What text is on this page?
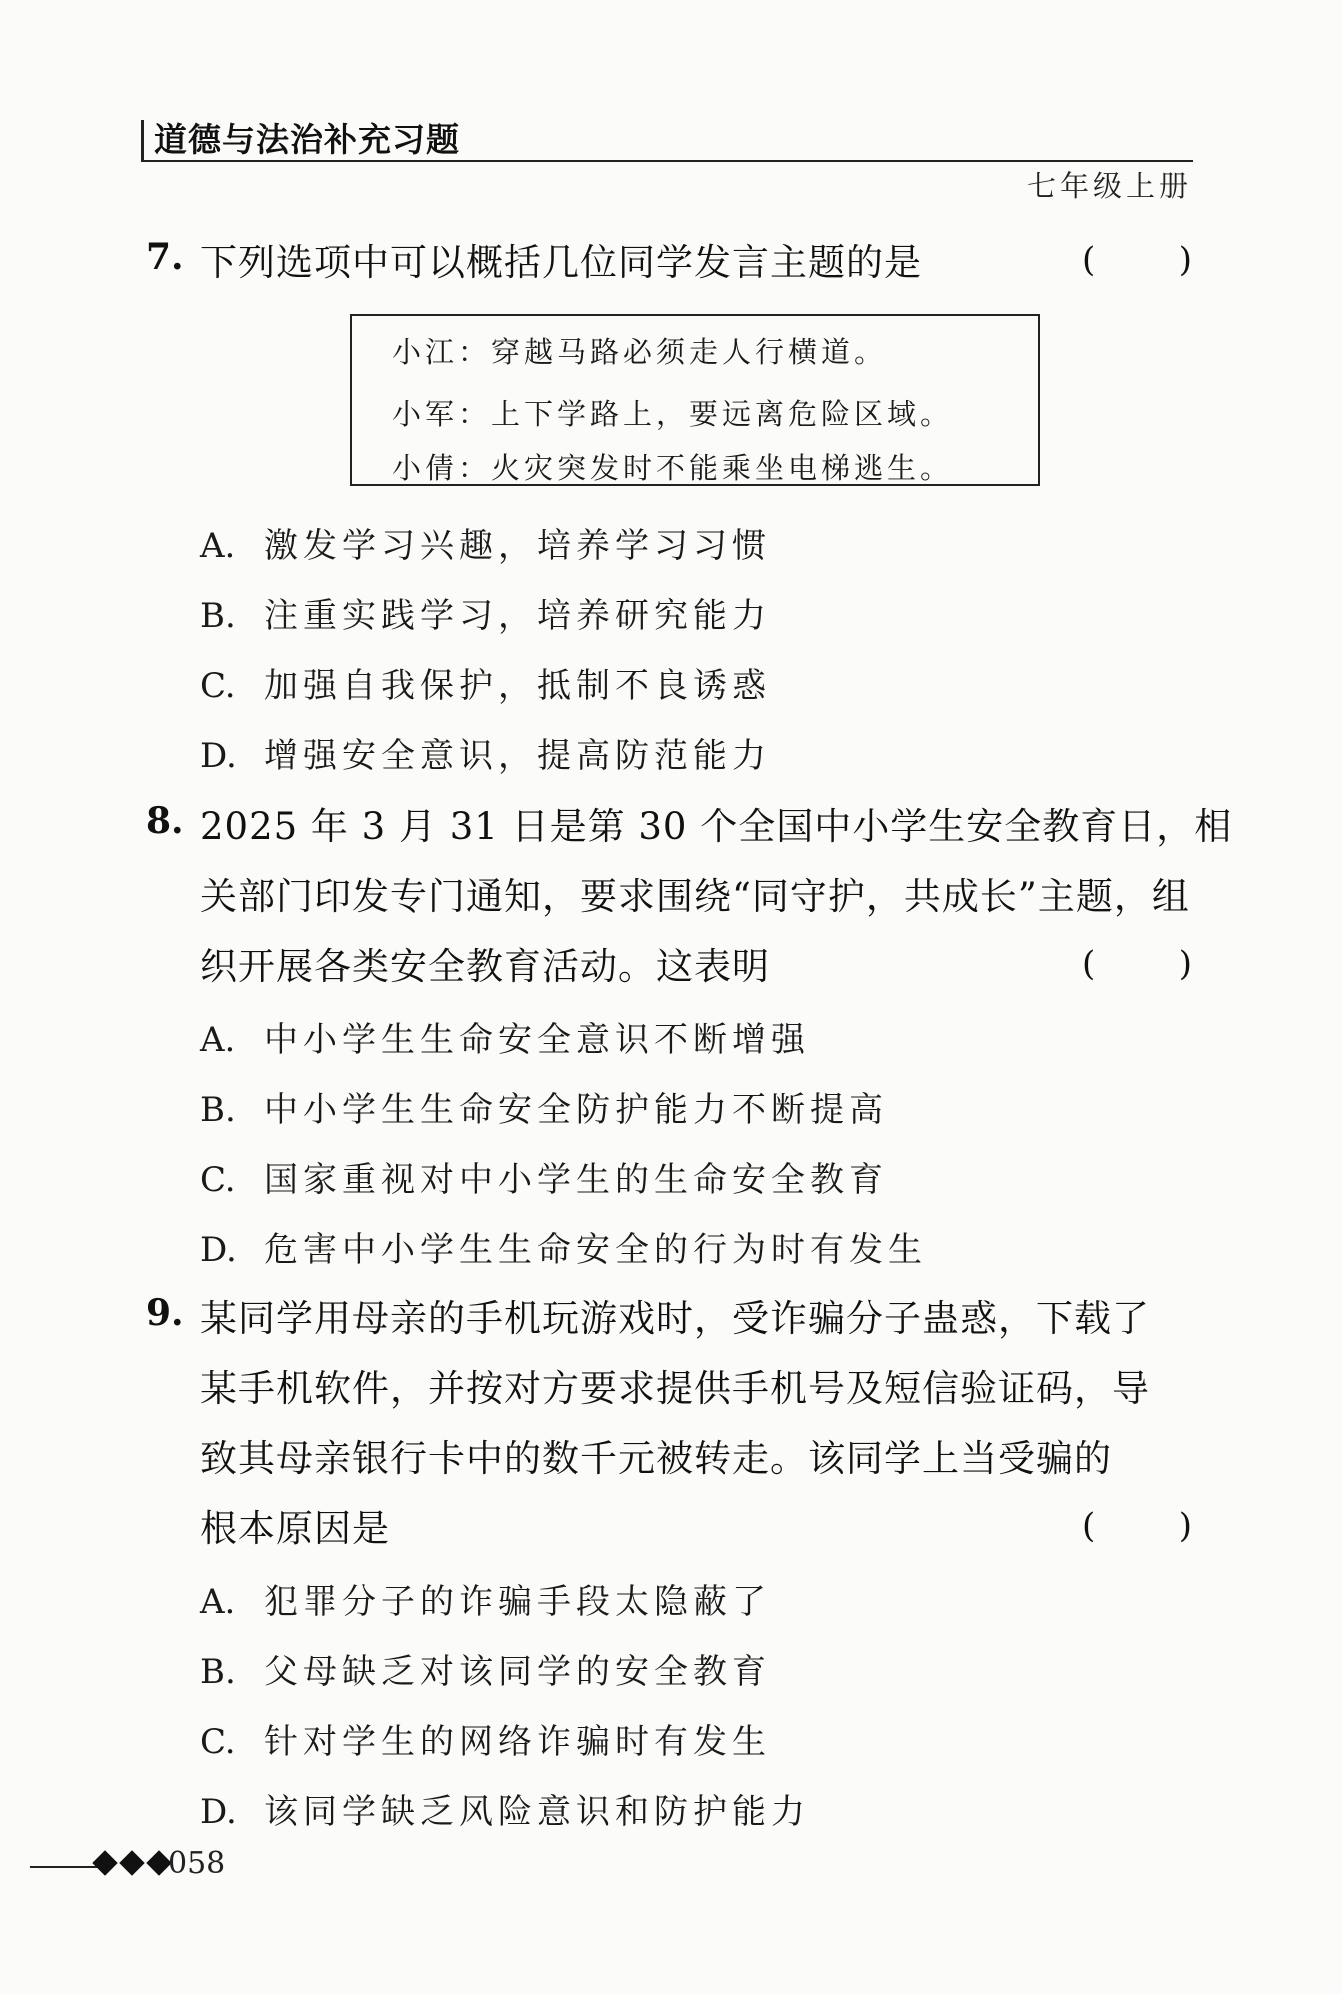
道德与法治补充习题
七年级上册
7. 下列选项中可以概括几位同学发言主题的是	( )
小江：穿越马路必须走人行横道。
小军：上下学路上，要远离危险区域。
小倩：火灾突发时不能乘坐电梯逃生。
A. 激发学习兴趣，培养学习习惯
B. 注重实践学习，培养研究能力
C. 加强自我保护，抵制不良诱惑
D. 增强安全意识，提高防范能力
8. 2025 年 3 月 31 日是第 30 个全国中小学生安全教育日，相
关部门印发专门通知，要求围绕“同守护，共成长”主题，组
织开展各类安全教育活动。这表明	( )
A. 中小学生生命安全意识不断增强
B. 中小学生生命安全防护能力不断提高
C. 国家重视对中小学生的生命安全教育
D. 危害中小学生生命安全的行为时有发生
9. 某同学用母亲的手机玩游戏时，受诈骗分子蛊惑，下载了
某手机软件，并按对方要求提供手机号及短信验证码，导
致其母亲银行卡中的数千元被转走。该同学上当受骗的
根本原因是	( )
A. 犯罪分子的诈骗手段太隐蔽了
B. 父母缺乏对该同学的安全教育
C. 针对学生的网络诈骗时有发生
D. 该同学缺乏风险意识和防护能力
058
